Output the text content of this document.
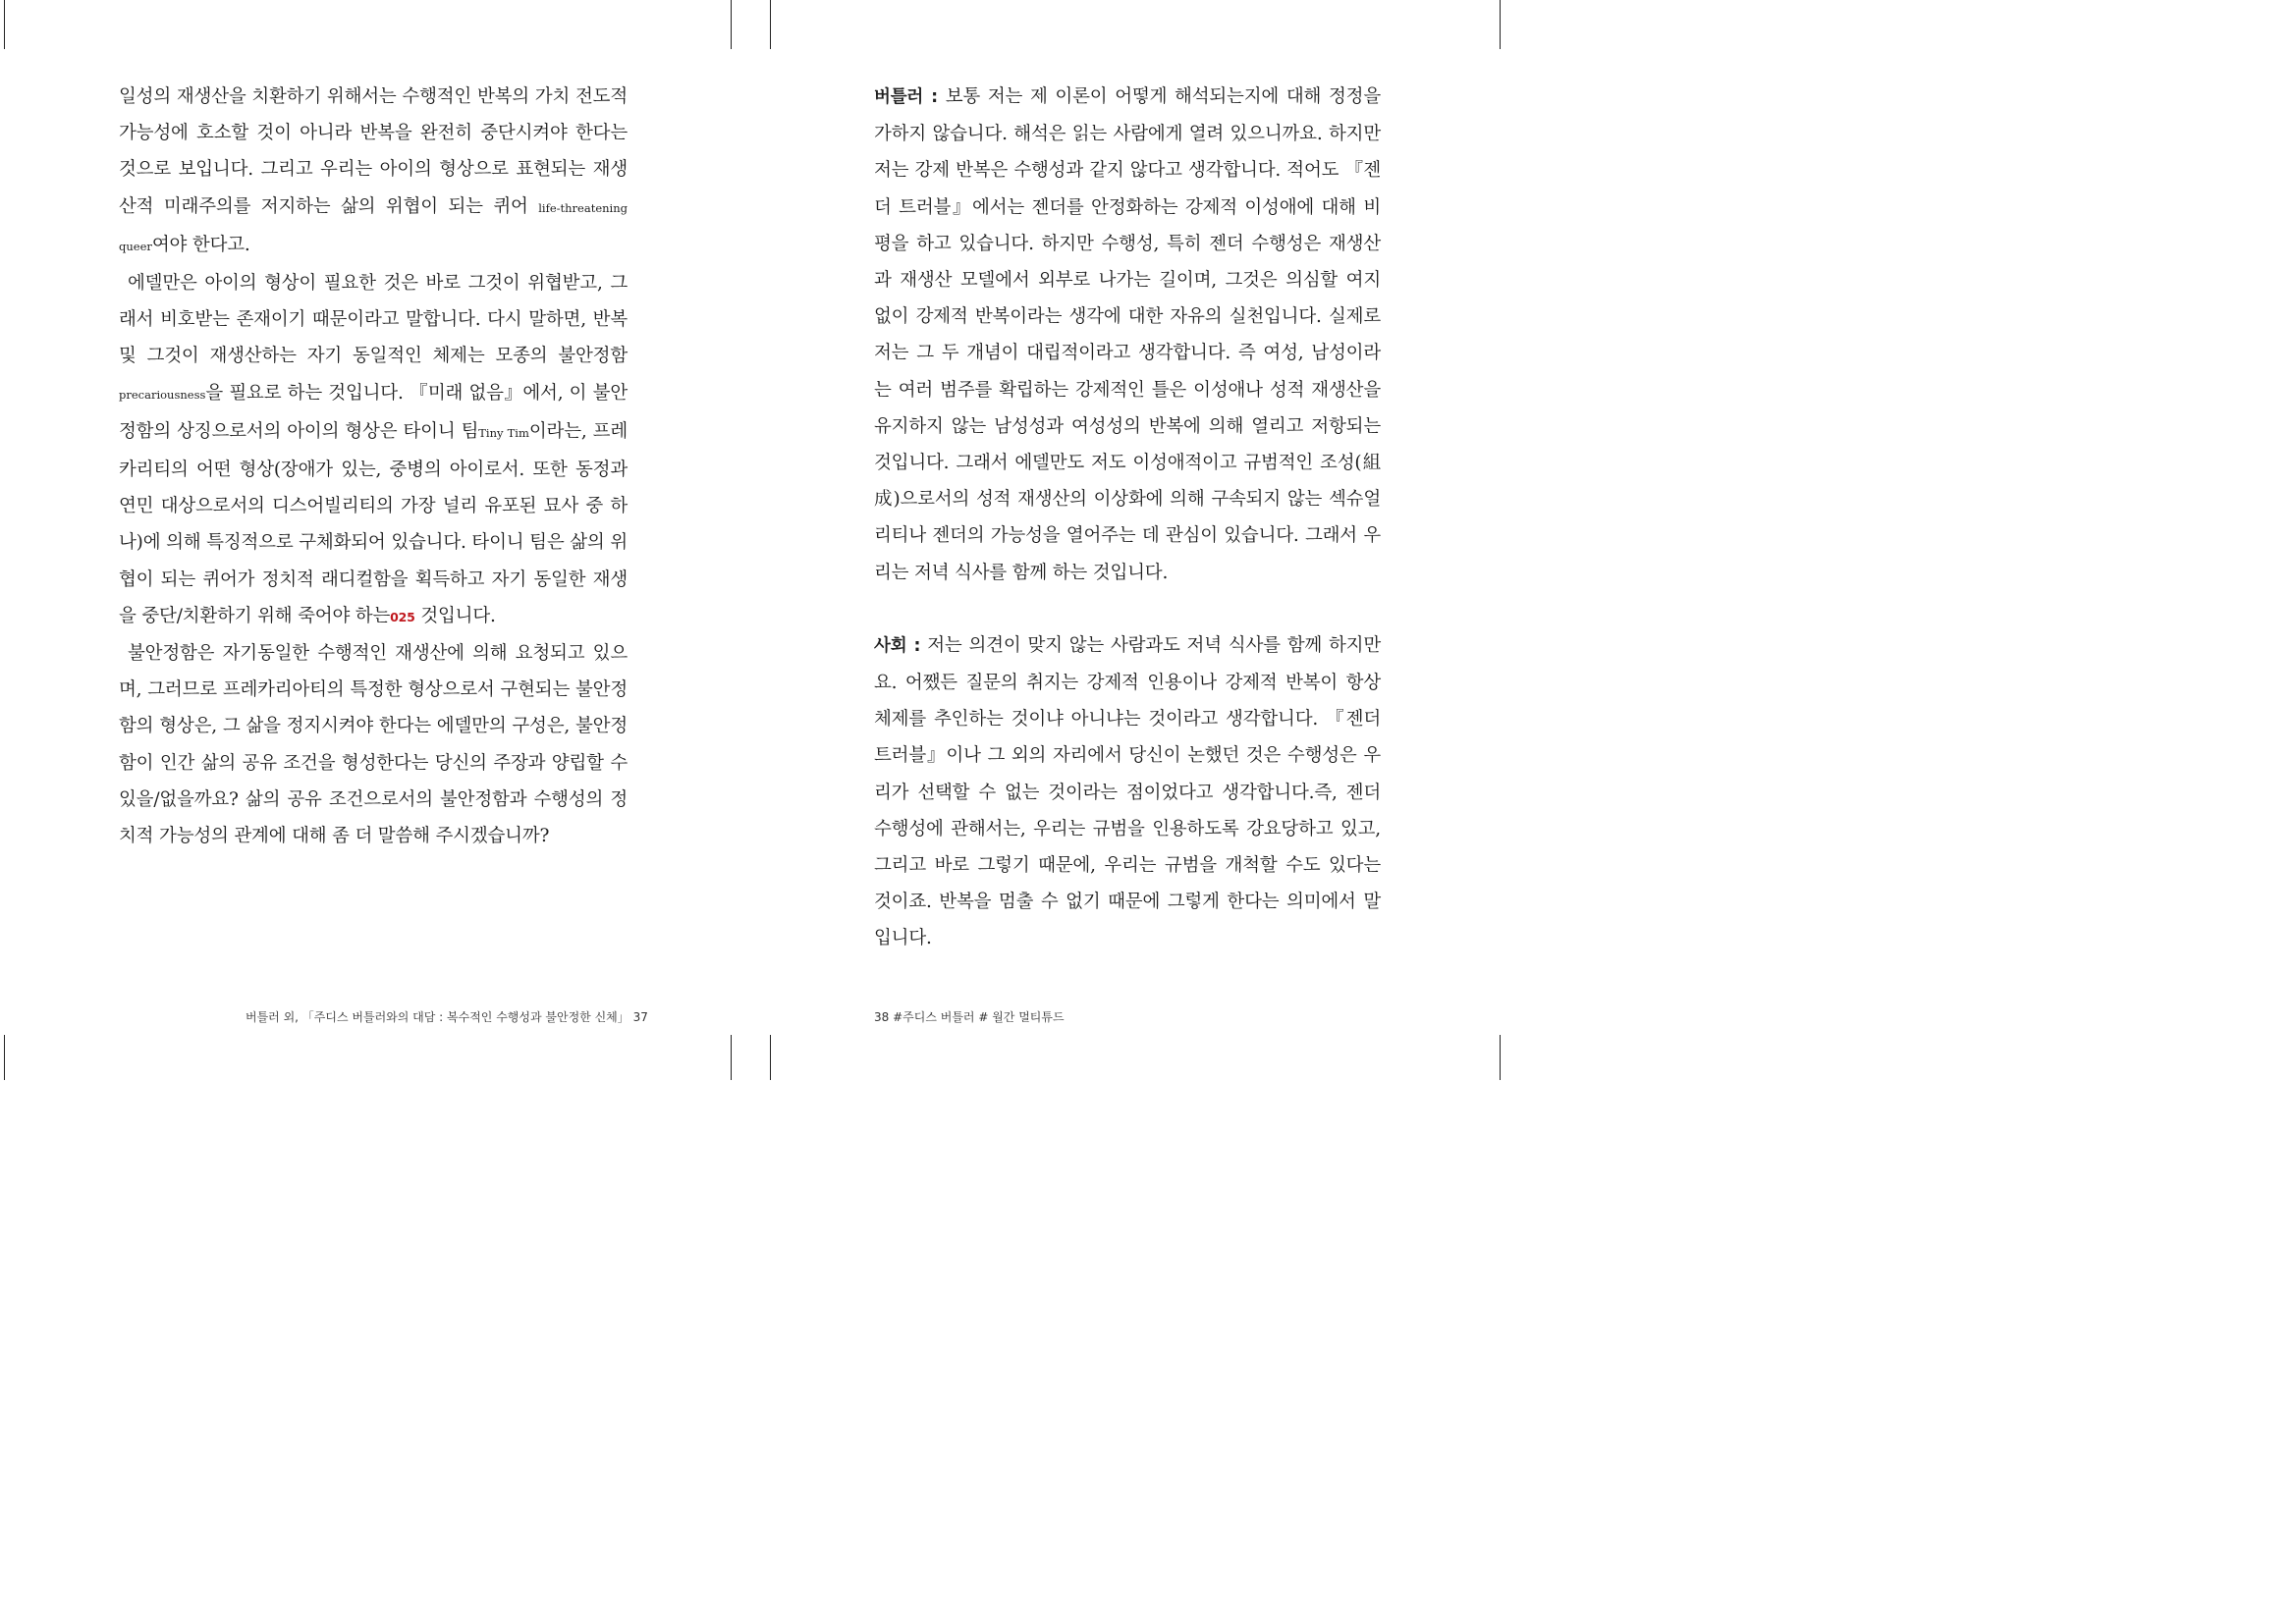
일성의 재생산을 치환하기 위해서는 수행적인 반복의 가치 전도적 가능성에 호소할 것이 아니라 반복을 완전히 중단시켜야 한다는 것으로 보입니다. 그리고 우리는 아이의 형상으로 표현되는 재생산적 미래주의를 저지하는 삶의 위협이 되는 퀴어 life-threatening queer여야 한다고.

에델만은 아이의 형상이 필요한 것은 바로 그것이 위협받고, 그래서 비호받는 존재이기 때문이라고 말합니다. 다시 말하면, 반복 및 그것이 재생산하는 자기 동일적인 체제는 모종의 불안정함precariousness을 필요로 하는 것입니다. 『미래 없음』에서, 이 불안정함의 상징으로서의 아이의 형상은 타이니 팀Tiny Tim이라는, 프레카리티의 어떤 형상(장애가 있는, 중병의 아이로서. 또한 동정과 연민 대상으로서의 디스어빌리티의 가장 널리 유포된 묘사 중 하나)에 의해 특징적으로 구체화되어 있습니다. 타이니 팀은 삶의 위협이 되는 퀴어가 정치적 래디컬함을 획득하고 자기 동일한 재생을 중단/치환하기 위해 죽어야 하는025 것입니다.

불안정함은 자기동일한 수행적인 재생산에 의해 요청되고 있으며, 그러므로 프레카리아티의 특정한 형상으로서 구현되는 불안정함의 형상은, 그 삶을 정지시켜야 한다는 에델만의 구성은, 불안정함이 인간 삶의 공유 조건을 형성한다는 당신의 주장과 양립할 수 있을/없을까요? 삶의 공유 조건으로서의 불안정함과 수행성의 정치적 가능성의 관계에 대해 좀 더 말씀해 주시겠습니까?

버틀러 : 보통 저는 제 이론이 어떻게 해석되는지에 대해 정정을 가하지 않습니다. 해석은 읽는 사람에게 열려 있으니까요. 하지만 저는 강제 반복은 수행성과 같지 않다고 생각합니다. 적어도 『젠더 트러블』에서는 젠더를 안정화하는 강제적 이성애에 대해 비평을 하고 있습니다. 하지만 수행성, 특히 젠더 수행성은 재생산과 재생산 모델에서 외부로 나가는 길이며, 그것은 의심할 여지 없이 강제적 반복이라는 생각에 대한 자유의 실천입니다. 실제로 저는 그 두 개념이 대립적이라고 생각합니다. 즉 여성, 남성이라는 여러 범주를 확립하는 강제적인 틀은 이성애나 성적 재생산을 유지하지 않는 남성성과 여성성의 반복에 의해 열리고 저항되는 것입니다. 그래서 에델만도 저도 이성애적이고 규범적인 조성(組成)으로서의 성적 재생산의 이상화에 의해 구속되지 않는 섹슈얼리티나 젠더의 가능성을 열어주는 데 관심이 있습니다. 그래서 우리는 저녁 식사를 함께 하는 것입니다.

사회 : 저는 의견이 맞지 않는 사람과도 저녁 식사를 함께 하지만요. 어쨌든 질문의 취지는 강제적 인용이나 강제적 반복이 항상 체제를 추인하는 것이냐 아니냐는 것이라고 생각합니다. 『젠더 트러블』이나 그 외의 자리에서 당신이 논했던 것은 수행성은 우리가 선택할 수 없는 것이라는 점이었다고 생각합니다.즉, 젠더 수행성에 관해서는, 우리는 규범을 인용하도록 강요당하고 있고, 그리고 바로 그렇기 때문에, 우리는 규범을 개척할 수도 있다는 것이죠. 반복을 멈출 수 없기 때문에 그렇게 한다는 의미에서 말입니다.

버틀러 외, 「주디스 버틀러와의 대담 : 복수적인 수행성과 불안정한 신체」 37	38 #주디스 버틀러 # 월간 멀티튜드
